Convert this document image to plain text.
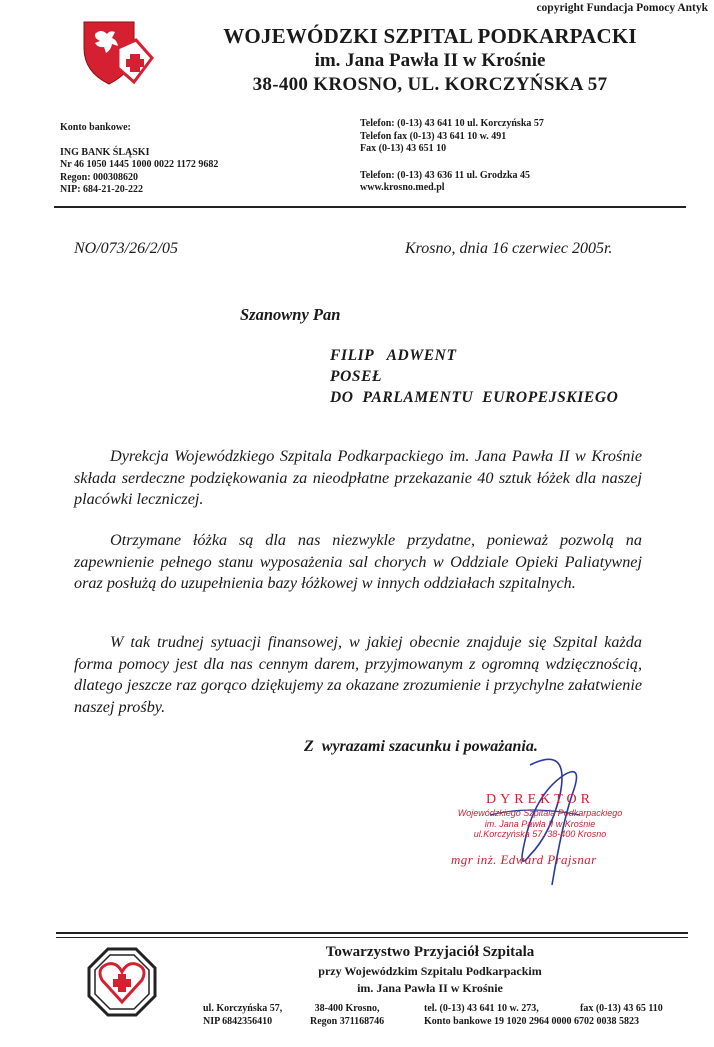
copyright Fundacja Pomocy Antyk
WOJEWÓDZKI SZPITAL PODKARPACKI
im. Jana Pawła II w Krośnie
38-400 KROSNO, UL. KORCZYŃSKA 57
Konto bankowe:
ING BANK ŚLĄSKI
Nr 46 1050 1445 1000 0022 1172 9682
Regon: 000308620
NIP: 684-21-20-222
Telefon: (0-13) 43 641 10 ul. Korczyńska 57
Telefon fax (0-13) 43 641 10 w. 491
Fax (0-13) 43 651 10
Telefon: (0-13) 43 636 11 ul. Grodzka 45
www.krosno.med.pl
NO/073/26/2/05	Krosno, dnia 16 czerwiec 2005r.
Szanowny Pan
FILIP   ADWENT
POSEŁ
DO  PARLAMENTU  EUROPEJSKIEGO
Dyrekcja Wojewódzkiego Szpitala Podkarpackiego im. Jana Pawła II w Krośnie składa serdeczne podziękowania za nieodpłatne przekazanie 40 sztuk łóżek dla naszej placówki leczniczej.
Otrzymane łóżka są dla nas niezwykle przydatne, ponieważ pozwolą na zapewnienie pełnego stanu wyposażenia sal chorych w Oddziale Opieki Paliatywnej oraz posłużą do uzupełnienia bazy łóżkowej w innych oddziałach szpitalnych.
W tak trudnej sytuacji finansowej, w jakiej obecnie znajduje się Szpital każda forma pomocy jest dla nas cennym darem, przyjmowanym z ogromną wdzięcznością, dlatego jeszcze raz gorąco dziękujemy za okazane zrozumienie i przychylne załatwienie naszej prośby.
Z  wyrazami szacunku i poważania.
DYREKTOR
Wojewódzkiego Szpitala Podkarpackiego
im. Jana Pawła II w Krośnie
ul.Korczyńska 57, 38-400 Krosno
mgr inż. Edward Prajsnar
Towarzystwo Przyjaciół Szpitala
przy Wojewódzkim Szpitalu Podkarpackim
im. Jana Pawła II w Krośnie
ul. Korczyńska 57,
NIP 6842356410
38-400 Krosno,
Regon 371168746
tel. (0-13) 43 641 10 w. 273,	fax (0-13) 43 65 110
Konto bankowe 19 1020 2964 0000 6702 0038 5823
